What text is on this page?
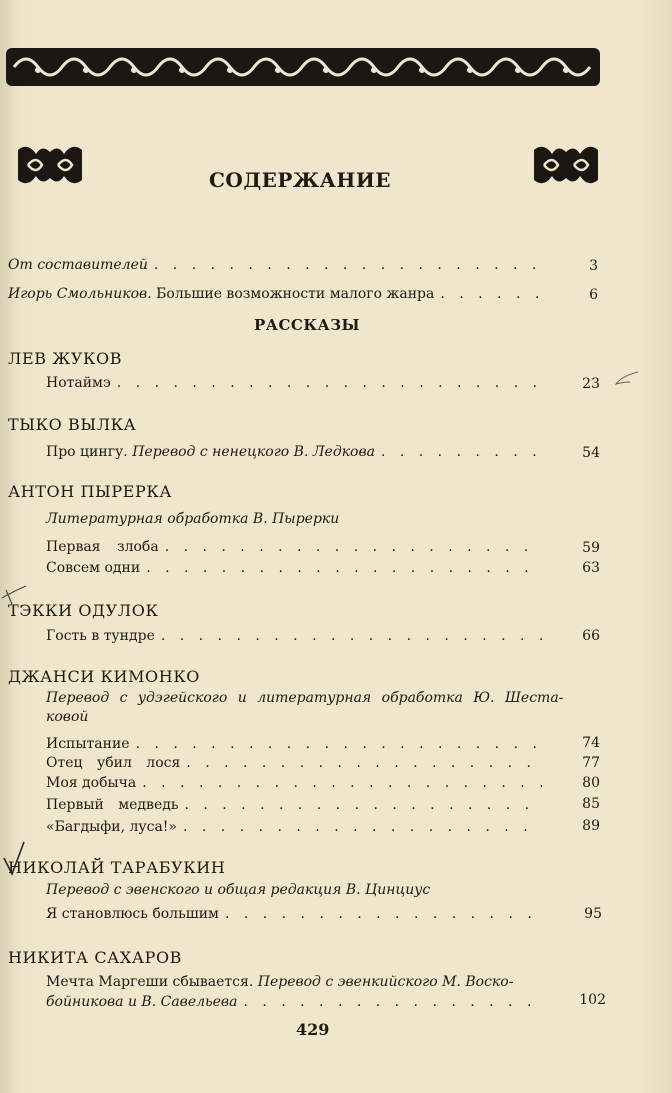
СОДЕРЖАНИЕ
От составителей . . .	3
Игорь Смольников. Большие возможности малого жанра . . .	6
РАССКАЗЫ
ЛЕВ ЖУКОВ
Нотаймэ . . .	23
ТЫКО ВЫЛКА
Про цингу. Перевод с ненецкого В. Ледкова . . .	54
АНТОН ПЫРЕРКА
Литературная обработка В. Пырерки
Первая злоба . . .	59
Совсем одни . . .	63
ТЭККИ ОДУЛОК
Гость в тундре . . .	66
ДЖАНСИ КИМОНКО
Перевод с удэгейского и литературная обработка Ю. Шеста-
ковой
Испытание . . .	74
Отец убил лося . . .	77
Моя добыча . . .	80
Первый медведь . . .	85
«Багдыфи, луса!» . . .	89
НИКОЛАЙ ТАРАБУКИН
Перевод с эвенского и общая редакция В. Цинциус
Я становлюсь большим . . .	95
НИКИТА САХАРОВ
Мечта Маргеши сбывается. Перевод с эвенкийского М. Воско-
бойникова и В. Савельева . . .	102
429
